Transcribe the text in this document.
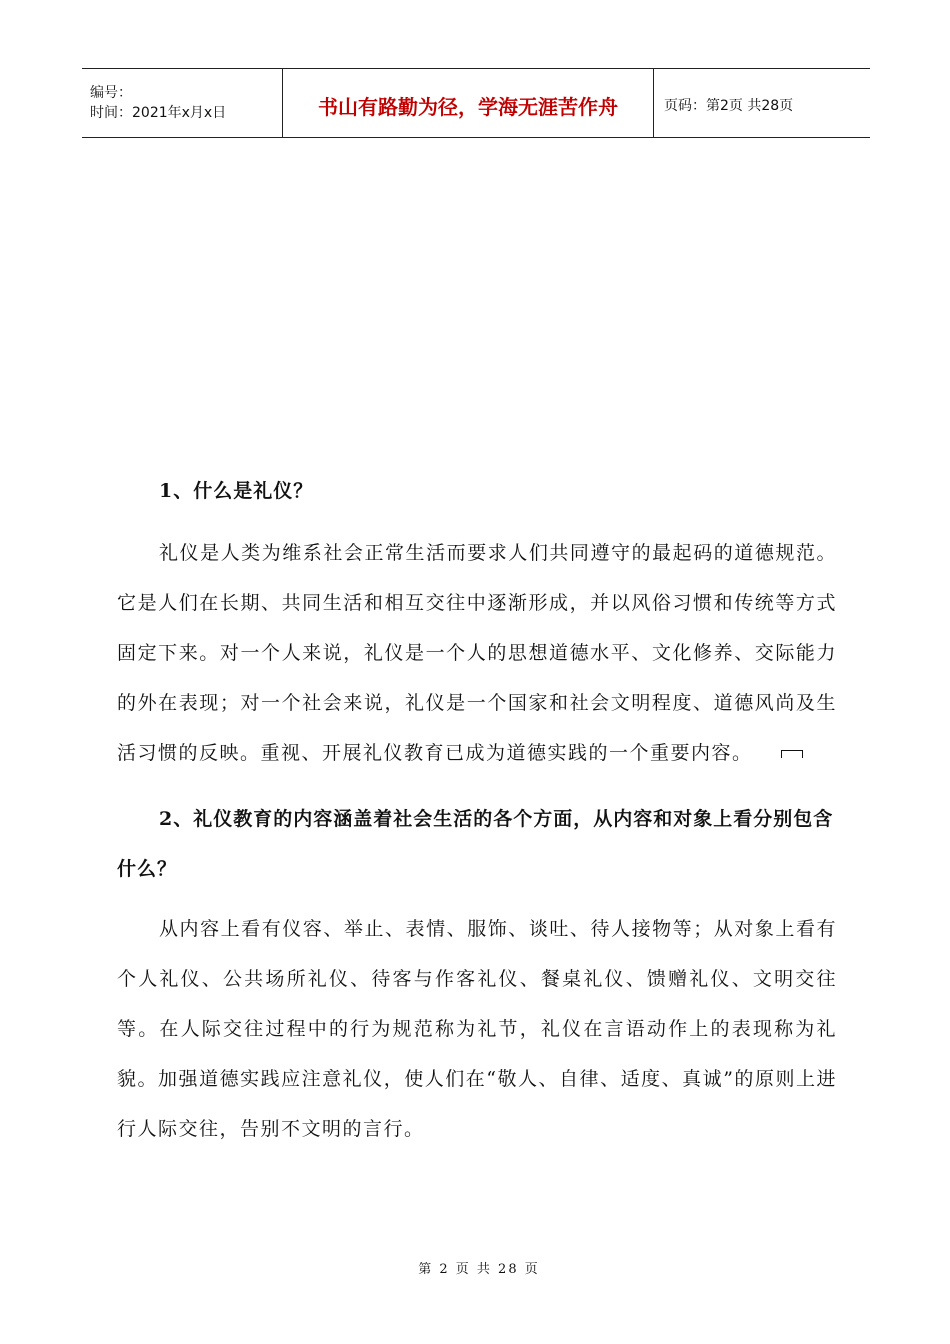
编号：
时间：2021年x月x日	书山有路勤为径，学海无涯苦作舟	页码：第2页 共28页

1、什么是礼仪？

礼仪是人类为维系社会正常生活而要求人们共同遵守的最起码的道德规范。它是人们在长期、共同生活和相互交往中逐渐形成，并以风俗习惯和传统等方式固定下来。对一个人来说，礼仪是一个人的思想道德水平、文化修养、交际能力的外在表现；对一个社会来说，礼仪是一个国家和社会文明程度、道德风尚及生活习惯的反映。重视、开展礼仪教育已成为道德实践的一个重要内容。

2、礼仪教育的内容涵盖着社会生活的各个方面，从内容和对象上看分别包含什么？

从内容上看有仪容、举止、表情、服饰、谈吐、待人接物等；从对象上看有个人礼仪、公共场所礼仪、待客与作客礼仪、餐桌礼仪、馈赠礼仪、文明交往等。在人际交往过程中的行为规范称为礼节，礼仪在言语动作上的表现称为礼貌。加强道德实践应注意礼仪，使人们在“敬人、自律、适度、真诚”的原则上进行人际交往，告别不文明的言行。

第 2 页 共 28 页
